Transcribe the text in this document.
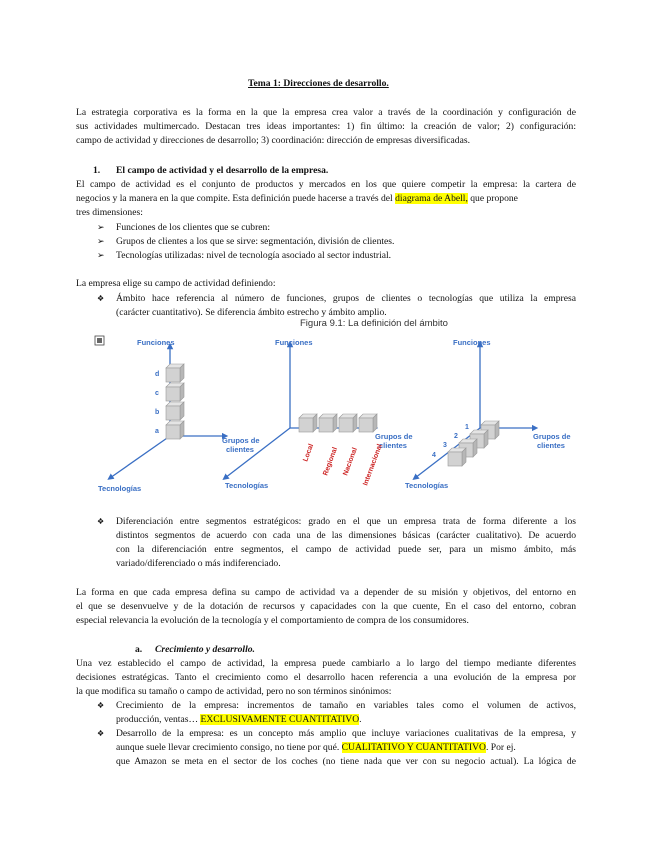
Tema 1: Direcciones de desarrollo.
La estrategia corporativa es la forma en la que la empresa crea valor a través de la coordinación y configuración de
sus actividades multimercado. Destacan tres ideas importantes: 1) fin último: la creación de valor; 2) configuración:
campo de actividad y direcciones de desarrollo; 3) coordinación: dirección de empresas diversificadas.
1. El campo de actividad y el desarrollo de la empresa.
El campo de actividad es el conjunto de productos y mercados en los que quiere competir la empresa: la cartera de
negocios y la manera en la que compite. Esta definición puede hacerse a través del diagrama de Abell, que propone
tres dimensiones:
➢ Funciones de los clientes que se cubren:
➢ Grupos de clientes a los que se sirve: segmentación, división de clientes.
➢ Tecnologías utilizadas: nivel de tecnología asociado al sector industrial.
La empresa elige su campo de actividad definiendo:
❖ Ámbito hace referencia al número de funciones, grupos de clientes o tecnologías que utiliza la empresa
(carácter cuantitativo). Se diferencia ámbito estrecho y ámbito amplio.
Figura 9.1: La definición del ámbito
Funciones
Grupos de
clientes
Tecnologías
d
c
b
a
Funciones
Grupos de
clientes
Tecnologías
Local Regional Nacional Internacional
Funciones
Grupos de
clientes
Tecnologías
1
2
3
4
❖ Diferenciación entre segmentos estratégicos: grado en el que un empresa trata de forma diferente a los
distintos segmentos de acuerdo con cada una de las dimensiones básicas (carácter cualitativo). De acuerdo
con la diferenciación entre segmentos, el campo de actividad puede ser, para un mismo ámbito, más
variado/diferenciado o más indiferenciado.
La forma en que cada empresa defina su campo de actividad va a depender de su misión y objetivos, del entorno en
el que se desenvuelve y de la dotación de recursos y capacidades con la que cuente, En el caso del entorno, cobran
especial relevancia la evolución de la tecnología y el comportamiento de compra de los consumidores.
a. Crecimiento y desarrollo.
Una vez establecido el campo de actividad, la empresa puede cambiarlo a lo largo del tiempo mediante diferentes
decisiones estratégicas. Tanto el crecimiento como el desarrollo hacen referencia a una evolución de la empresa por
la que modifica su tamaño o campo de actividad, pero no son términos sinónimos:
❖ Crecimiento de la empresa: incrementos de tamaño en variables tales como el volumen de activos,
producción, ventas… EXCLUSIVAMENTE CUANTITATIVO.
❖ Desarrollo de la empresa: es un concepto más amplio que incluye variaciones cualitativas de la empresa, y
aunque suele llevar crecimiento consigo, no tiene por qué. CUALITATIVO Y CUANTITATIVO. Por ej.
que Amazon se meta en el sector de los coches (no tiene nada que ver con su negocio actual). La lógica de
